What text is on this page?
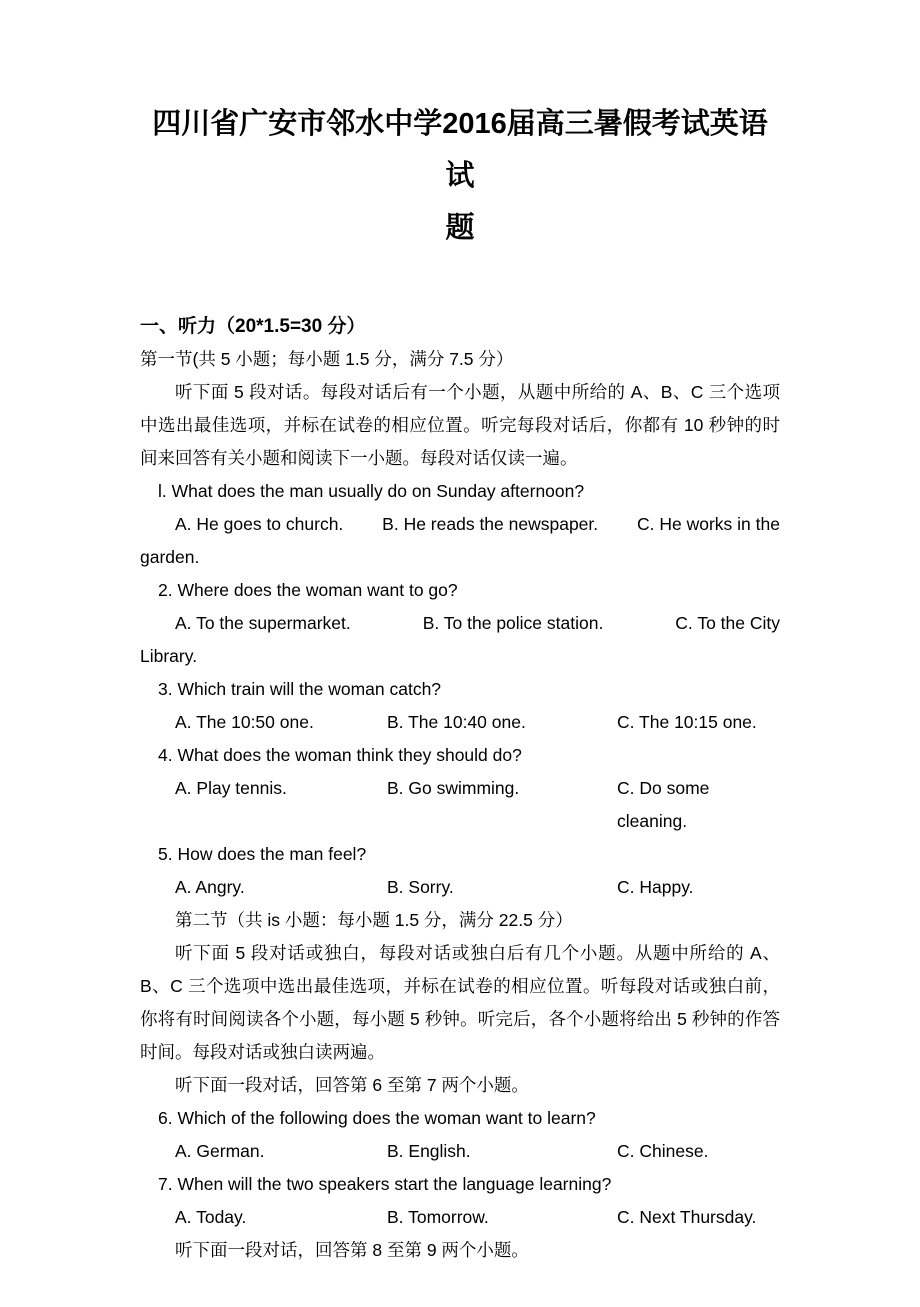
四川省广安市邻水中学2016届高三暑假考试英语试
题
一、听力（20*1.5=30 分）
第一节(共 5 小题；每小题 1.5 分，满分 7.5 分）
听下面 5 段对话。每段对话后有一个小题，从题中所给的 A、B、C 三个选项中选出最佳选项，并标在试卷的相应位置。听完每段对话后，你都有 10 秒钟的时间来回答有关小题和阅读下一小题。每段对话仅读一遍。
l. What does the man usually do on Sunday afternoon?
A. He goes to church. B. He reads the newspaper. C. He works in the
garden.
2. Where does the woman want to go?
A. To the supermarket.	B. To the police station.	C. To the City
Library.
3. Which train will the woman catch?
A. The 10:50 one.	B. The 10:40 one.	C. The 10:15 one.
4. What does the woman think they should do?
A. Play tennis.	B. Go swimming.	C. Do some cleaning.
5. How does the man feel?
A. Angry.	B. Sorry.	C. Happy.
第二节（共 is 小题：每小题 1.5 分，满分 22.5 分）
听下面 5 段对话或独白，每段对话或独白后有几个小题。从题中所给的 A、B、C 三个选项中选出最佳选项，并标在试卷的相应位置。听每段对话或独白前，你将有时间阅读各个小题，每小题 5 秒钟。听完后，各个小题将给出 5 秒钟的作答时间。每段对话或独白读两遍。
听下面一段对话，回答第 6 至第 7 两个小题。
6. Which of the following does the woman want to learn?
A. German.	B. English.	C. Chinese.
7. When will the two speakers start the language learning?
A. Today.	B. Tomorrow.	C. Next Thursday.
听下面一段对话，回答第 8 至第 9 两个小题。
